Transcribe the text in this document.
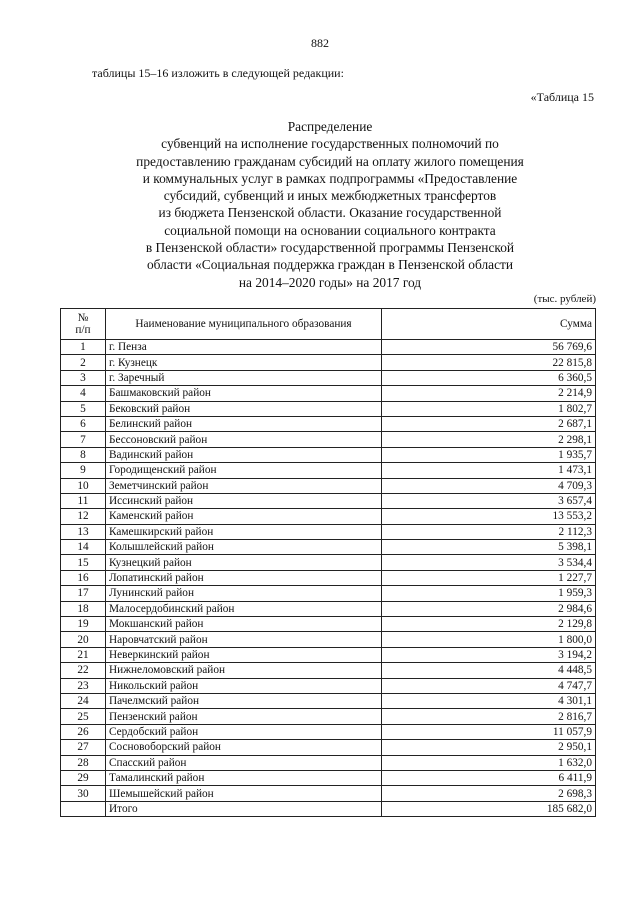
882
таблицы 15–16 изложить в следующей редакции:
«Таблица 15
Распределение
субвенций на исполнение государственных полномочий по
предоставлению гражданам субсидий на оплату жилого помещения
и коммунальных услуг в рамках подпрограммы «Предоставление
субсидий, субвенций и иных межбюджетных трансфертов
из бюджета Пензенской области. Оказание государственной
социальной помощи на основании социального контракта
в Пензенской области» государственной программы Пензенской
области «Социальная поддержка граждан в Пензенской области
на 2014–2020 годы» на 2017 год
(тыс. рублей)
№
п/п	Наименование муниципального образования	Сумма
1	г. Пенза	56 769,6
2	г. Кузнецк	22 815,8
3	г. Заречный	6 360,5
4	Башмаковский район	2 214,9
5	Бековский район	1 802,7
6	Белинский район	2 687,1
7	Бессоновский район	2 298,1
8	Вадинский район	1 935,7
9	Городищенский район	1 473,1
10	Земетчинский район	4 709,3
11	Иссинский район	3 657,4
12	Каменский район	13 553,2
13	Камешкирский район	2 112,3
14	Колышлейский район	5 398,1
15	Кузнецкий район	3 534,4
16	Лопатинский район	1 227,7
17	Лунинский район	1 959,3
18	Малосердобинский район	2 984,6
19	Мокшанский район	2 129,8
20	Наровчатский район	1 800,0
21	Неверкинский район	3 194,2
22	Нижнеломовский район	4 448,5
23	Никольский район	4 747,7
24	Пачелмский район	4 301,1
25	Пензенский район	2 816,7
26	Сердобский район	11 057,9
27	Сосновоборский район	2 950,1
28	Спасский район	1 632,0
29	Тамалинский район	6 411,9
30	Шемышейский район	2 698,3
	Итого	185 682,0
